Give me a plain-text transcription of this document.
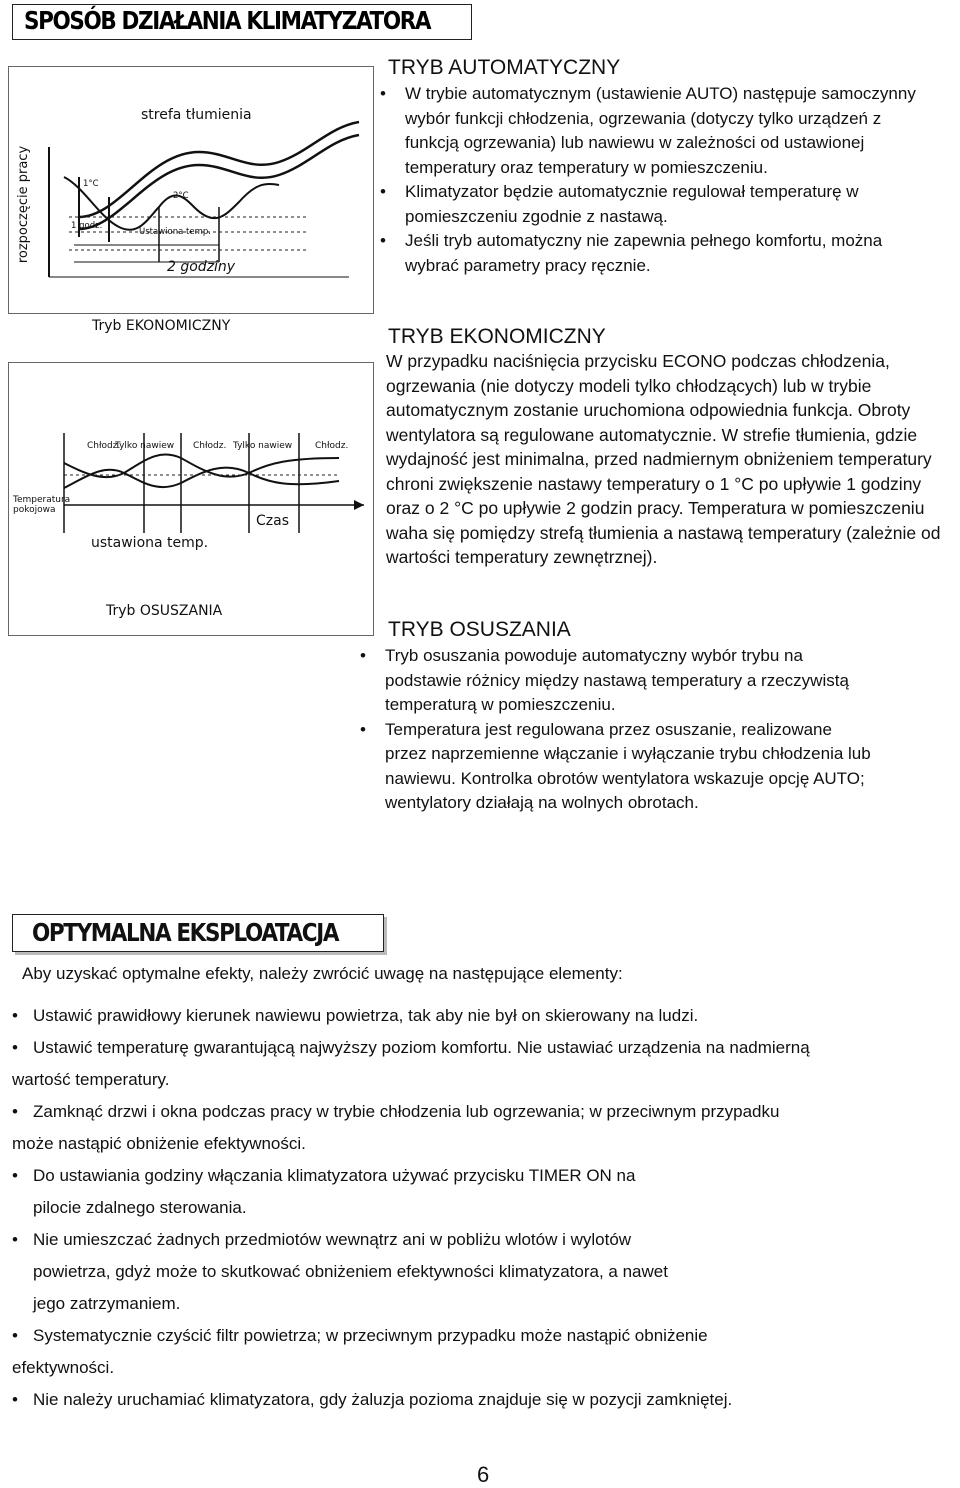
SPOSÓB DZIAŁANIA KLIMATYZATORA
rozpoczęcie pracy
strefa tłumienia
1°C
2°C
1 godz.
Ustawiona temp.
2 godziny
Tryb EKONOMICZNY
Chłodz.
Tylko nawiew Chłodz. Tylko nawiew	Chłodz.
Temperatura pokojowa
Czas
ustawiona temp.
Tryb OSUSZANIA
TRYB AUTOMATYCZNY
• W trybie automatycznym (ustawienie AUTO) następuje samoczynny wybór funkcji chłodzenia, ogrzewania (dotyczy tylko urządzeń z funkcją ogrzewania) lub nawiewu w zależności od ustawionej temperatury oraz temperatury w pomieszczeniu.
• Klimatyzator będzie automatycznie regulował temperaturę w pomieszczeniu zgodnie z nastawą.
• Jeśli tryb automatyczny nie zapewnia pełnego komfortu, można wybrać parametry pracy ręcznie.
TRYB EKONOMICZNY
W przypadku naciśnięcia przycisku ECONO podczas chłodzenia, ogrzewania (nie dotyczy modeli tylko chłodzących) lub w trybie automatycznym zostanie uruchomiona odpowiednia funkcja. Obroty wentylatora są regulowane automatycznie. W strefie tłumienia, gdzie wydajność jest minimalna, przed nadmiernym obniżeniem temperatury chroni zwiększenie nastawy temperatury o 1 °C po upływie 1 godziny oraz o 2 °C po upływie 2 godzin pracy. Temperatura w pomieszczeniu waha się pomiędzy strefą tłumienia a nastawą temperatury (zależnie od wartości temperatury zewnętrznej).
TRYB OSUSZANIA
• Tryb osuszania powoduje automatyczny wybór trybu na podstawie różnicy między nastawą temperatury a rzeczywistą temperaturą w pomieszczeniu.
• Temperatura jest regulowana przez osuszanie, realizowane przez naprzemienne włączanie i wyłączanie trybu chłodzenia lub nawiewu. Kontrolka obrotów wentylatora wskazuje opcję AUTO; wentylatory działają na wolnych obrotach.
OPTYMALNA EKSPLOATACJA
Aby uzyskać optymalne efekty, należy zwrócić uwagę na następujące elementy:
• Ustawić prawidłowy kierunek nawiewu powietrza, tak aby nie był on skierowany na ludzi.
• Ustawić temperaturę gwarantującą najwyższy poziom komfortu. Nie ustawiać urządzenia na nadmierną
wartość temperatury.
• Zamknąć drzwi i okna podczas pracy w trybie chłodzenia lub ogrzewania; w przeciwnym przypadku
może nastąpić obniżenie efektywności.
• Do ustawiania godziny włączania klimatyzatora używać przycisku TIMER ON na
pilocie zdalnego sterowania.
• Nie umieszczać żadnych przedmiotów wewnątrz ani w pobliżu wlotów i wylotów
powietrza, gdyż może to skutkować obniżeniem efektywności klimatyzatora, a nawet
jego zatrzymaniem.
• Systematycznie czyścić filtr powietrza; w przeciwnym przypadku może nastąpić obniżenie
efektywności.
• Nie należy uruchamiać klimatyzatora, gdy żaluzja pozioma znajduje się w pozycji zamkniętej.
6
